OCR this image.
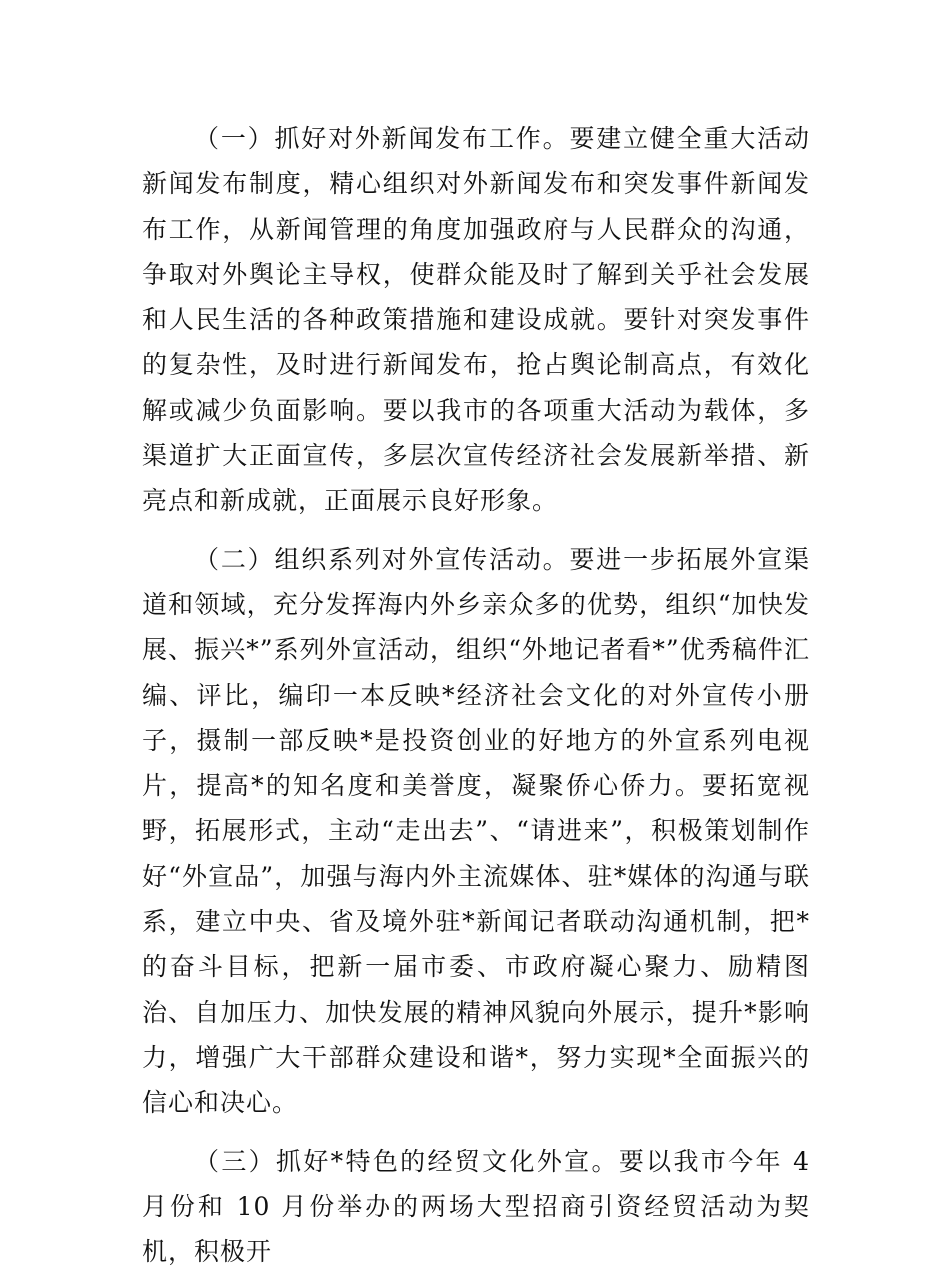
（一）抓好对外新闻发布工作。要建立健全重大活动新闻发布制度，精心组织对外新闻发布和突发事件新闻发布工作，从新闻管理的角度加强政府与人民群众的沟通，争取对外舆论主导权，使群众能及时了解到关乎社会发展和人民生活的各种政策措施和建设成就。要针对突发事件的复杂性，及时进行新闻发布，抢占舆论制高点，有效化解或减少负面影响。要以我市的各项重大活动为载体，多渠道扩大正面宣传，多层次宣传经济社会发展新举措、新亮点和新成就，正面展示良好形象。

（二）组织系列对外宣传活动。要进一步拓展外宣渠道和领域，充分发挥海内外乡亲众多的优势，组织“加快发展、振兴*”系列外宣活动，组织“外地记者看*”优秀稿件汇编、评比，编印一本反映*经济社会文化的对外宣传小册子，摄制一部反映*是投资创业的好地方的外宣系列电视片，提高*的知名度和美誉度，凝聚侨心侨力。要拓宽视野，拓展形式，主动“走出去”、“请进来”，积极策划制作好“外宣品”，加强与海内外主流媒体、驻*媒体的沟通与联系，建立中央、省及境外驻*新闻记者联动沟通机制，把*的奋斗目标，把新一届市委、市政府凝心聚力、励精图治、自加压力、加快发展的精神风貌向外展示，提升*影响力，增强广大干部群众建设和谐*，努力实现*全面振兴的信心和决心。

（三）抓好*特色的经贸文化外宣。要以我市今年 4 月份和 10 月份举办的两场大型招商引资经贸活动为契机，积极开
